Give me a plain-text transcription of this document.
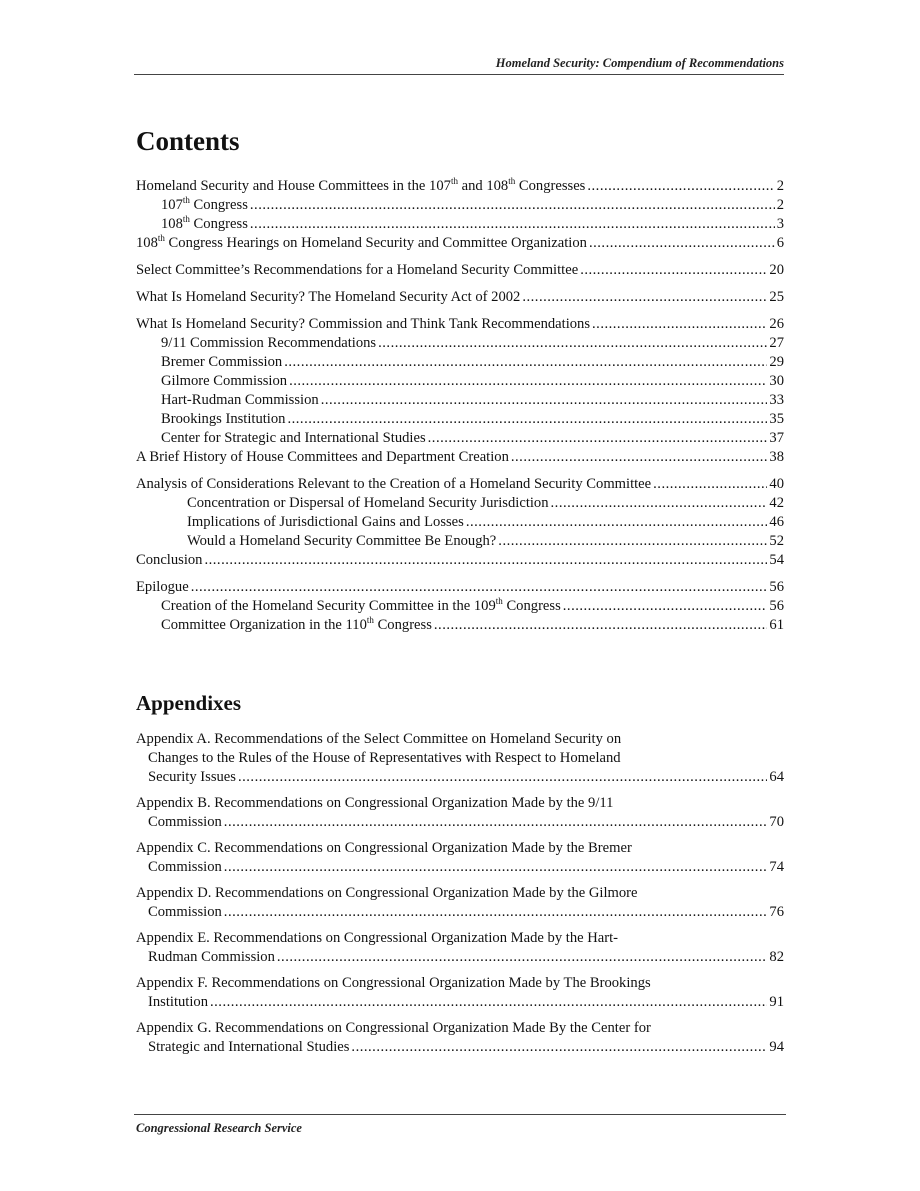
Homeland Security: Compendium of Recommendations
Contents
Homeland Security and House Committees in the 107th and 108th Congresses .....	2
107th Congress .....	2
108th Congress .....	3
108th Congress Hearings on Homeland Security and Committee Organization .....	6
Select Committee’s Recommendations for a Homeland Security Committee .....	20
What Is Homeland Security? The Homeland Security Act of 2002 .....	25
What Is Homeland Security? Commission and Think Tank Recommendations .....	26
9/11 Commission Recommendations .....	27
Bremer Commission .....	29
Gilmore Commission .....	30
Hart-Rudman Commission .....	33
Brookings Institution .....	35
Center for Strategic and International Studies .....	37
A Brief History of House Committees and Department Creation .....	38
Analysis of Considerations Relevant to the Creation of a Homeland Security Committee .....	40
Concentration or Dispersal of Homeland Security Jurisdiction .....	42
Implications of Jurisdictional Gains and Losses .....	46
Would a Homeland Security Committee Be Enough? .....	52
Conclusion .....	54
Epilogue .....	56
Creation of the Homeland Security Committee in the 109th Congress .....	56
Committee Organization in the 110th Congress .....	61
Appendixes
Appendix A. Recommendations of the Select Committee on Homeland Security on
Changes to the Rules of the House of Representatives with Respect to Homeland
Security Issues .....	64
Appendix B. Recommendations on Congressional Organization Made by the 9/11
Commission .....	70
Appendix C. Recommendations on Congressional Organization Made by the Bremer
Commission .....	74
Appendix D. Recommendations on Congressional Organization Made by the Gilmore
Commission .....	76
Appendix E. Recommendations on Congressional Organization Made by the Hart-
Rudman Commission .....	82
Appendix F. Recommendations on Congressional Organization Made by The Brookings
Institution .....	91
Appendix G. Recommendations on Congressional Organization Made By the Center for
Strategic and International Studies .....	94
Congressional Research Service
